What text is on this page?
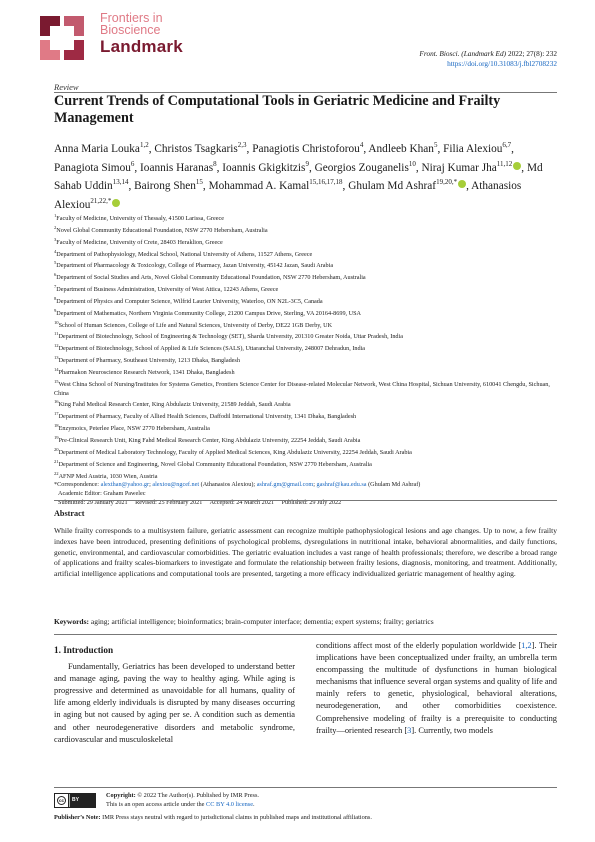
Frontiers in
Bioscience
Landmark	Front. Biosci. (Landmark Ed) 2022; 27(8): 232
https://doi.org/10.31083/j.fbl2708232
Review
Current Trends of Computational Tools in Geriatric Medicine and Frailty Management
Anna Maria Louka$^{1,2}$, Christos Tsagkaris$^{2,3}$, Panagiotis Christoforou$^4$, Andleeb Khan$^5$, Filia Alexiou$^{6,7}$, Panagiota Simou$^6$, Ioannis Haranas$^8$, Ioannis Gkigkitzis$^9$, Georgios Zouganelis$^{10}$, Niraj Kumar Jha$^{11,12}$ , Md Sahab Uddin$^{13,14}$, Bairong Shen$^{15}$, Mohammad A. Kamal$^{15,16,17,18}$, Ghulam Md Ashraf$^{19,20,*}$ , Athanasios Alexiou$^{21,22,*}$
$^1$Faculty of Medicine, University of Thessaly, 41500 Larissa, Greece
$^2$Novel Global Community Educational Foundation, NSW 2770 Hebersham, Australia
$^3$Faculty of Medicine, University of Crete, 28403 Heraklion, Greece
$^4$Department of Pathophysiology, Medical School, National University of Athens, 11527 Athens, Greece
$^5$Department of Pharmacology & Toxicology, College of Pharmacy, Jazan University, 45142 Jazan, Saudi Arabia
$^6$Department of Social Studies and Arts, Novel Global Community Educational Foundation, NSW 2770 Hebersham, Australia
$^7$Department of Business Administration, University of West Attica, 12243 Athens, Greece
$^8$Department of Physics and Computer Science, Wilfrid Laurier University, Waterloo, ON N2L-3C5, Canada
$^9$Department of Mathematics, Northern Virginia Community College, 21200 Campus Drive, Sterling, VA 20164-8699, USA
$^{10}$School of Human Sciences, College of Life and Natural Sciences, University of Derby, DE22 1GB Derby, UK
$^{11}$Department of Biotechnology, School of Engineering & Technology (SET), Sharda University, 201310 Greater Noida, Uttar Pradesh, India
$^{12}$Department of Biotechnology, School of Applied & Life Sciences (SALS), Uttaranchal University, 248007 Dehradun, India
$^{13}$Department of Pharmacy, Southeast University, 1213 Dhaka, Bangladesh
$^{14}$Pharmakon Neuroscience Research Network, 1341 Dhaka, Bangladesh
$^{15}$West China School of Nursing/Institutes for Systems Genetics, Frontiers Science Center for Disease-related Molecular Network, West China Hospital, Sichuan University, 610041 Chengdu, Sichuan, China
$^{16}$King Fahd Medical Research Center, King Abdulaziz University, 21589 Jeddah, Saudi Arabia
$^{17}$Department of Pharmacy, Faculty of Allied Health Sciences, Daffodil International University, 1341 Dhaka, Bangladesh
$^{18}$Enzymoics, Peterlee Place, NSW 2770 Hebersham, Australia
$^{19}$Pre-Clinical Research Unit, King Fahd Medical Research Center, King Abdulaziz University, 22254 Jeddah, Saudi Arabia
$^{20}$Department of Medical Laboratory Technology, Faculty of Applied Medical Sciences, King Abdulaziz University, 22254 Jeddah, Saudi Arabia
$^{21}$Department of Science and Engineering, Novel Global Community Educational Foundation, NSW 2770 Hebersham, Australia
$^{22}$AFNP Med Austria, 1030 Wien, Austria
*Correspondence: alexthan@yahoo.gr; alexiou@ngcef.net (Athanasios Alexiou); ashraf.gm@gmail.com; gashraf@kau.edu.sa (Ghulam Md Ashraf)
Academic Editor: Graham Pawelec
Submitted: 29 January 2021 Revised: 25 February 2021 Accepted: 24 March 2021 Published: 29 July 2022
Abstract

While frailty corresponds to a multisystem failure, geriatric assessment can recognize multiple pathophysiological lesions and age changes. Up to now, a few frailty indexes have been introduced, presenting definitions of psychological problems, dysregulations in nutritional intake, behavioral abnormalities, and daily functions, genetic, environmental, and cardiovascular comorbidities. The geriatric evaluation includes a vast range of health professionals; therefore, we describe a broad range of applications and frailty scales-biomarkers to investigate and formulate the relationship between frailty lesions, diagnosis, monitoring, and treatment. Additionally, artificial intelligence applications and computational tools are presented, targeting a more efficacy individualized geriatric management of healthy aging.

Keywords: aging; artificial intelligence; bioinformatics; brain-computer interface; dementia; expert systems; frailty; geriatrics

1. Introduction

Fundamentally, Geriatrics has been developed to understand better and manage aging, paving the way to healthy aging. While aging is progressive and determined as unavoidable for all humans, quality of life among elderly individuals is disrupted by many diseases occurring in aging but not caused by aging per se. A condition such as dementia and other neurodegenerative disorders and metabolic syndrome, cardiovascular and musculoskeletal

conditions affect most of the elderly population worldwide [1,2]. Their implications have been conceptualized under frailty, an umbrella term encompassing the multitude of dysfunctions in human biological mechanisms that influence several organ systems and quality of life and mainly refers to genetic, physiological, behavioral alterations, neurodegeneration, and other comorbidities coexistence. Comprehensive modeling of frailty is a prerequisite to conducting frailty—oriented research [3]. Currently, two models

cc	BY
Copyright: © 2022 The Author(s). Published by IMR Press.
This is an open access article under the CC BY 4.0 license.
Publisher’s Note: IMR Press stays neutral with regard to jurisdictional claims in published maps and institutional affiliations.
